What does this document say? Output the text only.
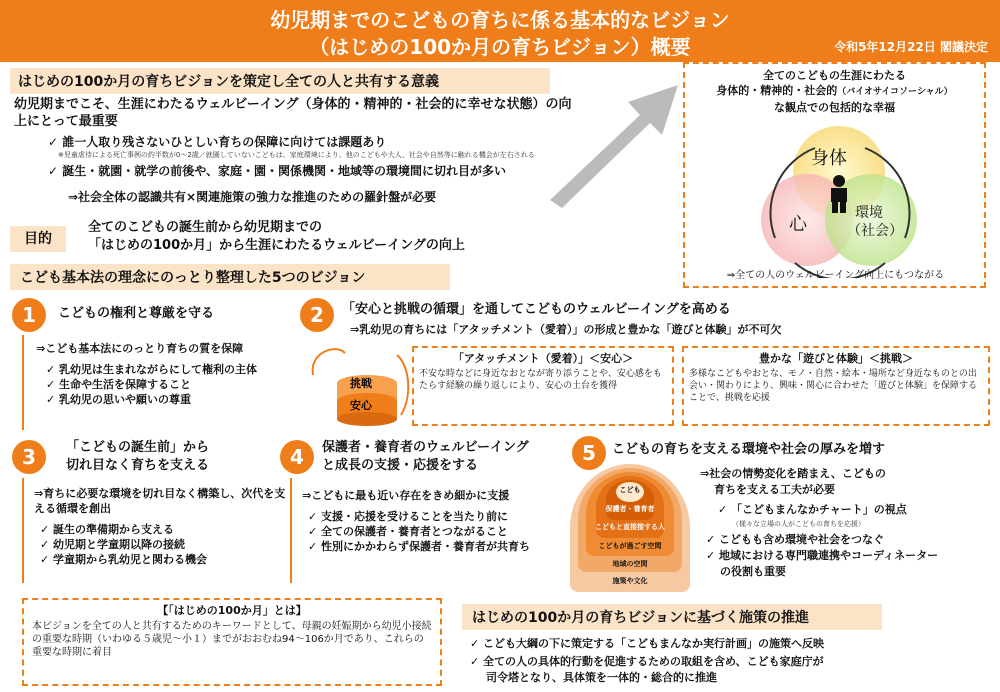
幼児期までのこどもの育ちに係る基本的なビジョン
（はじめの100か月の育ちビジョン）概要	令和5年12月22日 閣議決定
はじめの100か月の育ちビジョンを策定し全ての人と共有する意義
幼児期までこそ、生涯にわたるウェルビーイング（身体的・精神的・社会的に幸せな状態）の向上にとって最重要
✓ 誰一人取り残さないひとしい育ちの保障に向けては課題あり
※児童虐待による死亡事例の約半数が0～2歳／就園していないこどもは、家庭環境により、他のこどもや大人、社会や自然等に触れる機会が左右される
✓ 誕生・就園・就学の前後や、家庭・園・関係機関・地域等の環境間に切れ目が多い
⇒社会全体の認識共有×関連施策の強力な推進のための羅針盤が必要
目的
全てのこどもの誕生前から幼児期までの
「はじめの100か月」から生涯にわたるウェルビーイングの向上
全てのこどもの生涯にわたる
身体的・精神的・社会的（バイオサイコソーシャル）
な観点での包括的な幸福
身体
心
環境
（社会）
⇒全ての人のウェルビーイング向上にもつながる
こども基本法の理念にのっとり整理した5つのビジョン
1	こどもの権利と尊厳を守る
⇒こども基本法にのっとり育ちの質を保障
✓ 乳幼児は生まれながらにして権利の主体
✓ 生命や生活を保障すること
✓ 乳幼児の思いや願いの尊重
2	「安心と挑戦の循環」を通してこどものウェルビーイングを高める
⇒乳幼児の育ちには「アタッチメント（愛着）」の形成と豊かな「遊びと体験」が不可欠
挑戦
安心
「アタッチメント（愛着）」＜安心＞
不安な時などに身近なおとなが寄り添うことや、安心感をもたらす経験の繰り返しにより、安心の土台を獲得
豊かな「遊びと体験」＜挑戦＞
多様なこどもやおとな、モノ・自然・絵本・場所など身近なものとの出会い・関わりにより、興味・関心に合わせた「遊びと体験」を保障することで、挑戦を応援
3	「こどもの誕生前」から
切れ目なく育ちを支える
⇒育ちに必要な環境を切れ目なく構築し、次代を支える循環を創出
✓ 誕生の準備期から支える
✓ 幼児期と学童期以降の接続
✓ 学童期から乳幼児と関わる機会
4	保護者・養育者のウェルビーイング
と成長の支援・応援をする
⇒こどもに最も近い存在をきめ細かに支援
✓ 支援・応援を受けることを当たり前に
✓ 全ての保護者・養育者とつながること
✓ 性別にかかわらず保護者・養育者が共育ち
5	こどもの育ちを支える環境や社会の厚みを増す
こども
保護者・養育者
こどもと直接接する人
こどもが過ごす空間
地域の空間
施策や文化
⇒社会の情勢変化を踏まえ、こどもの
育ちを支える工夫が必要
✓ 「こどもまんなかチャート」の視点
（様々な立場の人がこどもの育ちを応援）
✓ こどもも含め環境や社会をつなぐ
✓ 地域における専門職連携やコーディネーター
の役割も重要
【「はじめの100か月」とは】
本ビジョンを全ての人と共有するためのキーワードとして、母親の妊娠期から幼児小接続の重要な時期（いわゆる５歳児～小１）までがおおむね94～106か月であり、これらの重要な時期に着目
はじめの100か月の育ちビジョンに基づく施策の推進
✓ こども大綱の下に策定する「こどもまんなか実行計画」の施策へ反映
✓ 全ての人の具体的行動を促進するための取組を含め、こども家庭庁が
司令塔となり、具体策を一体的・総合的に推進
